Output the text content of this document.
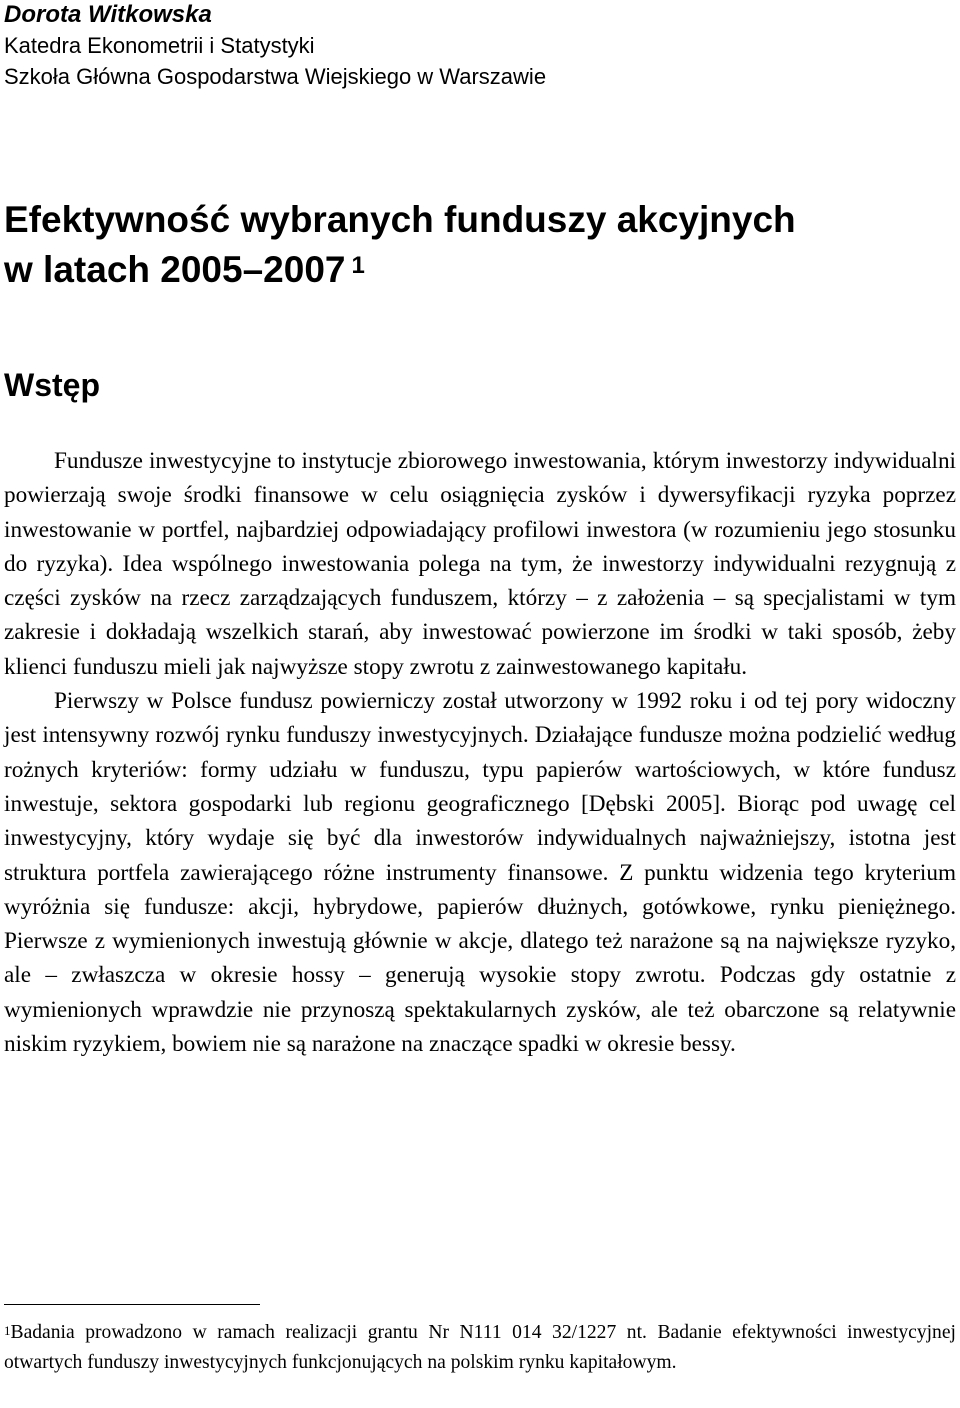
Dorota Witkowska

Katedra Ekonometrii i Statystyki

Szkoła Główna Gospodarstwa Wiejskiego w Warszawie

Efektywność wybranych funduszy akcyjnych
w latach 2005–2007 $^1$
Wstęp

Fundusze inwestycyjne to instytucje zbiorowego inwestowania, którym inwestorzy indywidualni powierzają swoje środki finansowe w celu osiągnięcia zysków i dywersyfikacji ryzyka poprzez inwestowanie w portfel, najbardziej odpowiadający profilowi inwestora (w rozumieniu jego stosunku do ryzyka). Idea wspólnego inwestowania polega na tym, że inwestorzy indywidualni rezygnują z części zysków na rzecz zarządzających funduszem, którzy – z założenia – są specjalistami w tym zakresie i dokładają wszelkich starań, aby inwestować powierzone im środki w taki sposób, żeby klienci funduszu mieli jak najwyższe stopy zwrotu z zainwestowanego kapitału.

Pierwszy w Polsce fundusz powierniczy został utworzony w 1992 roku i od tej pory widoczny jest intensywny rozwój rynku funduszy inwestycyjnych. Działające fundusze można podzielić według rożnych kryteriów: formy udziału w funduszu, typu papierów wartościowych, w które fundusz inwestuje, sektora gospodarki lub regionu geograficznego [Dębski 2005]. Biorąc pod uwagę cel inwestycyjny, który wydaje się być dla inwestorów indywidualnych najważniejszy, istotna jest struktura portfela zawierającego różne instrumenty finansowe. Z punktu widzenia tego kryterium wyróżnia się fundusze: akcji, hybrydowe, papierów dłużnych, gotówkowe, rynku pieniężnego. Pierwsze z wymienionych inwestują głównie w akcje, dlatego też narażone są na największe ryzyko, ale – zwłaszcza w okresie hossy – generują wysokie stopy zwrotu. Podczas gdy ostatnie z wymienionych wprawdzie nie przynoszą spektakularnych zysków, ale też obarczone są relatywnie niskim ryzykiem, bowiem nie są narażone na znaczące spadki w okresie bessy.

$^1$Badania prowadzono w ramach realizacji grantu Nr N111 014 32/1227 nt. Badanie efektywności inwestycyjnej otwartych funduszy inwestycyjnych funkcjonujących na polskim rynku kapitałowym.
